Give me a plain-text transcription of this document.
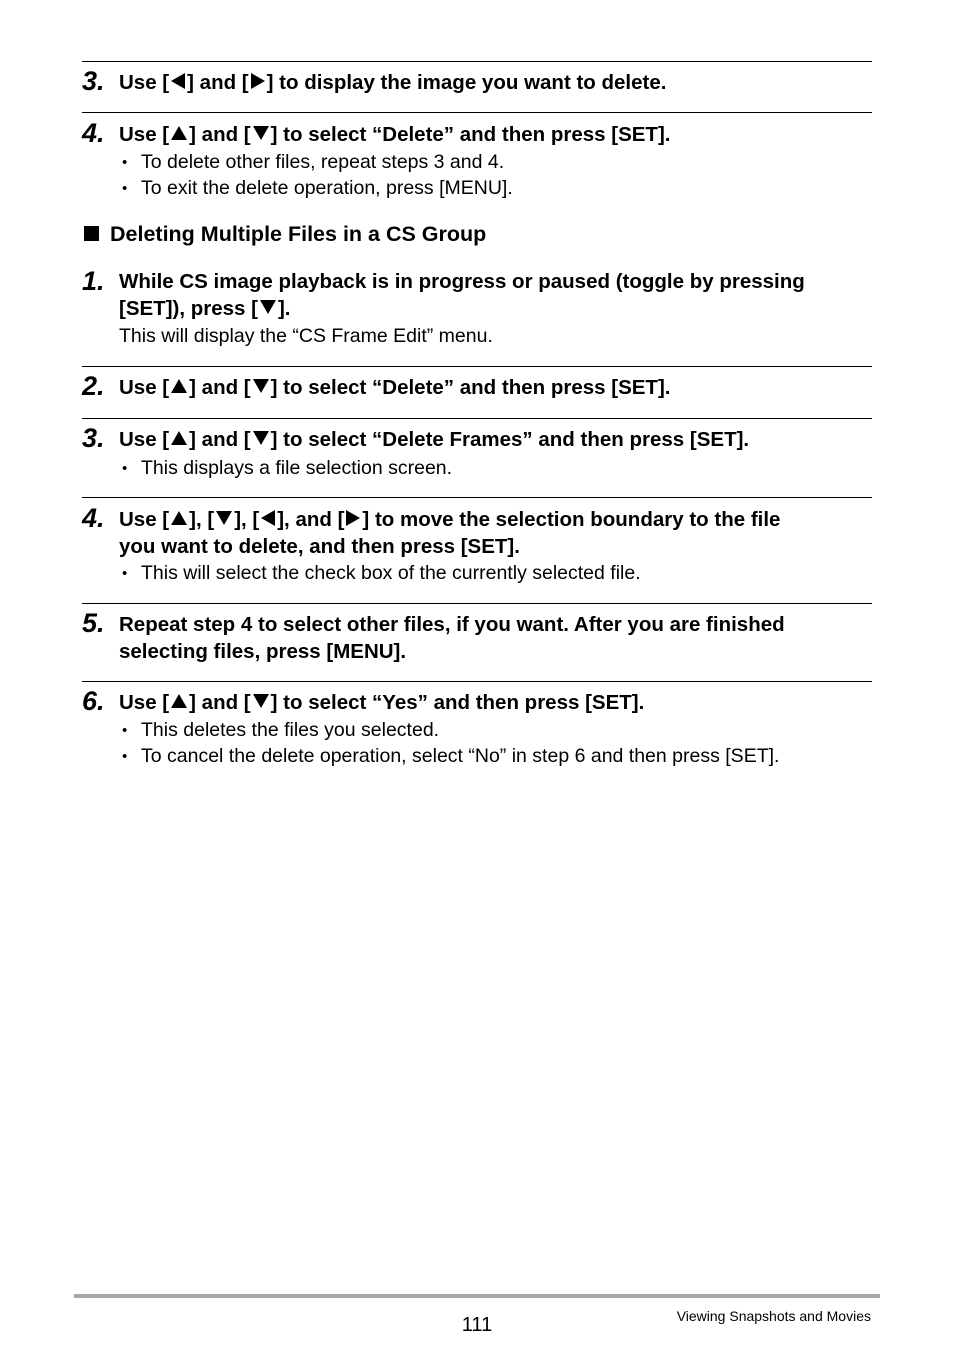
3. Use [ ] and [ ] to display the image you want to delete.
4. Use [ ] and [ ] to select “Delete” and then press [SET].
• To delete other files, repeat steps 3 and 4.
• To exit the delete operation, press [MENU].
Deleting Multiple Files in a CS Group
1. While CS image playback is in progress or paused (toggle by pressing
[SET]), press [ ].
This will display the “CS Frame Edit” menu.
2. Use [ ] and [ ] to select “Delete” and then press [SET].
3. Use [ ] and [ ] to select “Delete Frames” and then press [SET].
• This displays a file selection screen.
4. Use [ ], [ ], [ ], and [ ] to move the selection boundary to the file
you want to delete, and then press [SET].
• This will select the check box of the currently selected file.
5. Repeat step 4 to select other files, if you want. After you are finished
selecting files, press [MENU].
6. Use [ ] and [ ] to select “Yes” and then press [SET].
• This deletes the files you selected.
• To cancel the delete operation, select “No” in step 6 and then press [SET].
111	Viewing Snapshots and Movies
